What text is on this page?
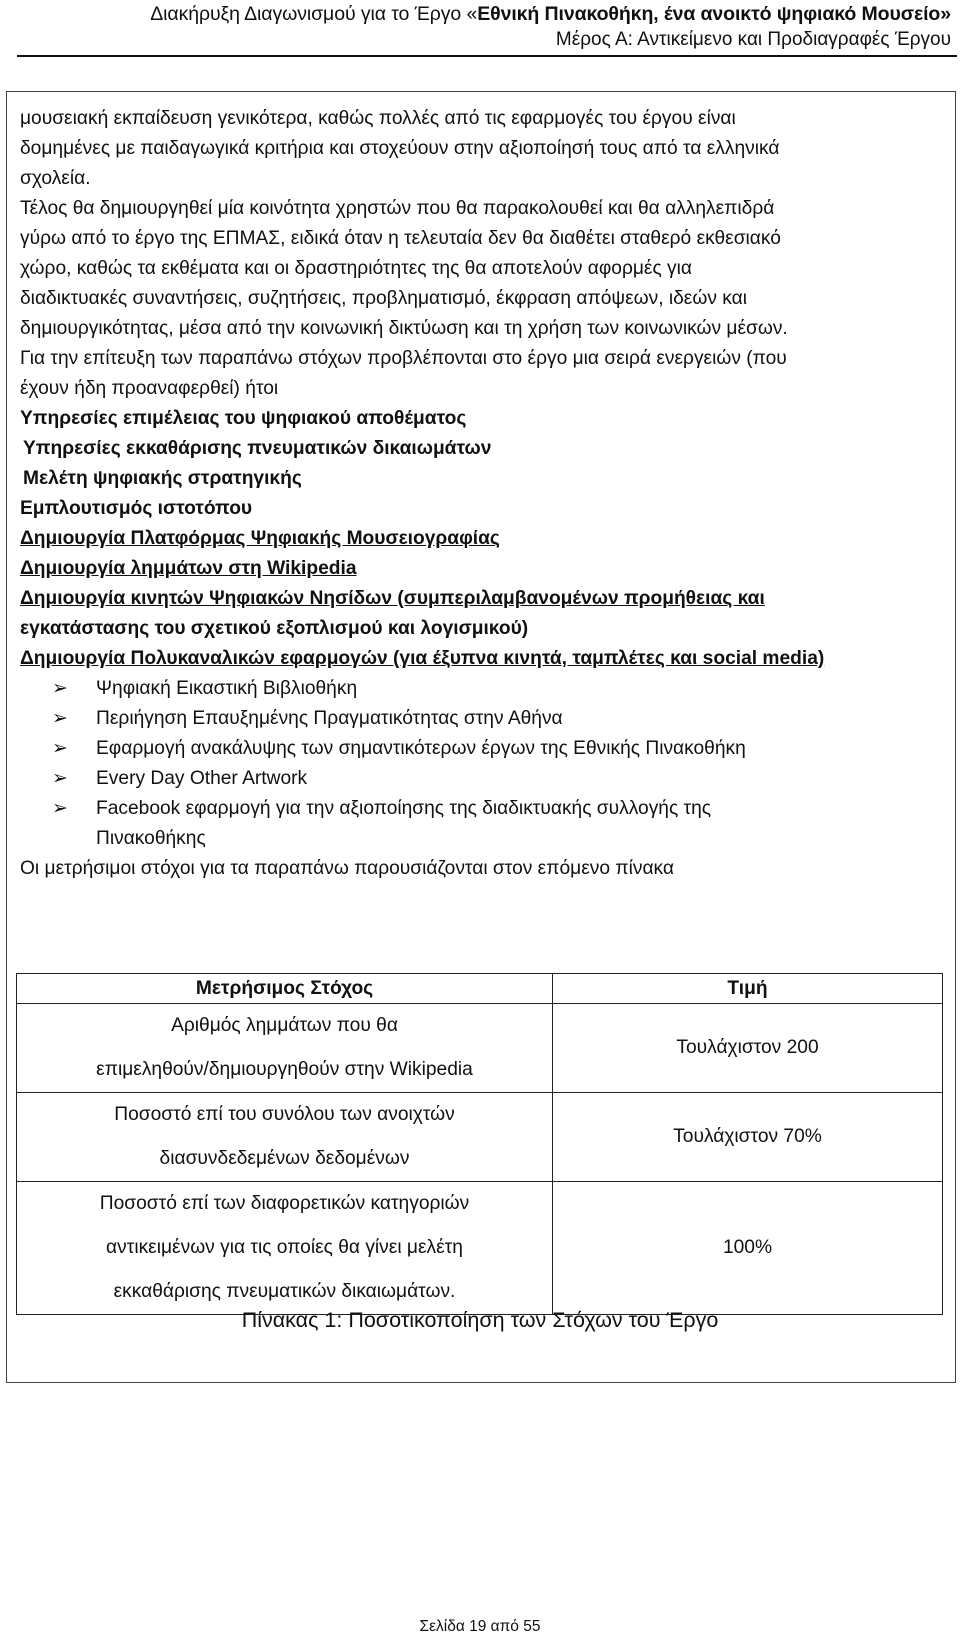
Διακήρυξη Διαγωνισμού για το Έργο «Εθνική Πινακοθήκη, ένα ανοικτό ψηφιακό Μουσείο»
Μέρος Α: Αντικείμενο και Προδιαγραφές Έργου

μουσειακή εκπαίδευση γενικότερα, καθώς πολλές από τις εφαρμογές του έργου είναι

δομημένες με παιδαγωγικά κριτήρια και στοχεύουν στην αξιοποίησή τους από τα ελληνικά

σχολεία.

Τέλος θα δημιουργηθεί μία κοινότητα χρηστών που θα παρακολουθεί και θα αλληλεπιδρά

γύρω από το έργο της ΕΠΜΑΣ, ειδικά όταν η τελευταία δεν θα διαθέτει σταθερό εκθεσιακό

χώρο, καθώς τα εκθέματα και οι δραστηριότητες της θα αποτελούν αφορμές για

διαδικτυακές συναντήσεις, συζητήσεις, προβληματισμό, έκφραση απόψεων, ιδεών και

δημιουργικότητας, μέσα από την κοινωνική δικτύωση και τη χρήση των κοινωνικών μέσων.

Για την επίτευξη των παραπάνω στόχων προβλέπονται στο έργο μια σειρά ενεργειών (που

έχουν ήδη προαναφερθεί) ήτοι

Υπηρεσίες επιμέλειας του ψηφιακού αποθέματος
Υπηρεσίες εκκαθάρισης πνευματικών δικαιωμάτων
Μελέτη ψηφιακής στρατηγικής
Εμπλουτισμός ιστοτόπου
Δημιουργία Πλατφόρμας Ψηφιακής Μουσειογραφίας
Δημιουργία λημμάτων στη Wikipedia
Δημιουργία κινητών Ψηφιακών Νησίδων (συμπεριλαμβανομένων προμήθειας και
εγκατάστασης του σχετικού εξοπλισμού και λογισμικού)
Δημιουργία Πολυκαναλικών εφαρμογών (για έξυπνα κινητά, ταμπλέτες και social media)
➢ Ψηφιακή Εικαστική Βιβλιοθήκη
➢ Περιήγηση Επαυξημένης Πραγματικότητας στην Αθήνα
➢ Εφαρμογή ανακάλυψης των σημαντικότερων έργων της Εθνικής Πινακοθήκη
➢ Every Day Other Artwork
➢ Facebook εφαρμογή για την αξιοποίησης της διαδικτυακής συλλογής της
Πινακοθήκης

Οι μετρήσιμοι στόχοι για τα παραπάνω παρουσιάζονται στον επόμενο πίνακα

Μετρήσιμος Στόχος	Τιμή

Αριθμός λημμάτων που θα
επιμεληθούν/δημιουργηθούν στην Wikipedia	Τουλάχιστον 200

Ποσοστό επί του συνόλου των ανοιχτών
διασυνδεδεμένων δεδομένων	Τουλάχιστον 70%

Ποσοστό επί των διαφορετικών κατηγοριών
αντικειμένων για τις οποίες θα γίνει μελέτη
εκκαθάρισης πνευματικών δικαιωμάτων.	100%
Πίνακας 1: Ποσοτικοποίηση των Στόχων του Έργο
Σελίδα 19 από 55
